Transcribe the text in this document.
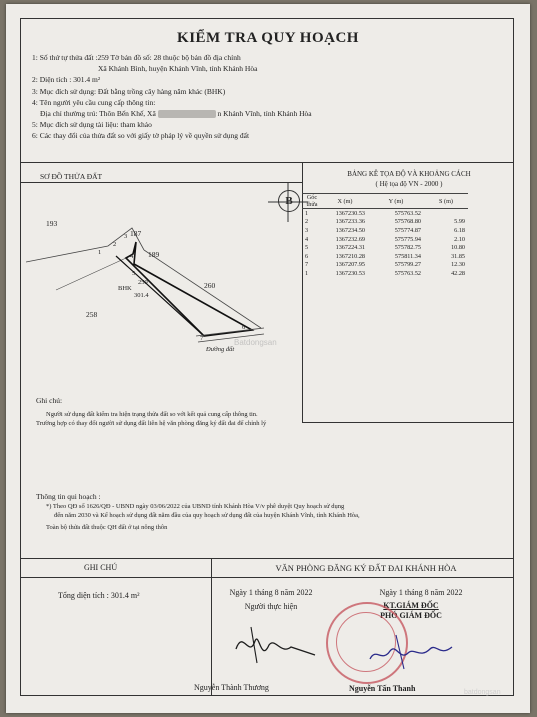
KIỂM TRA QUY HOẠCH
1: Số thứ tự thửa đất :259 Tờ bản đồ số: 28 thuộc bộ bản đồ địa chính
Xã Khánh Bình, huyện Khánh Vĩnh, tỉnh Khánh Hòa
2: Diện tích : 301.4 m²
3: Mục đích sử dụng: Đất bằng trồng cây hàng năm khác (BHK)
4: Tên người yêu cầu cung cấp thông tin:
Địa chỉ thường trú: Thôn Bến Khế, Xã	n Khánh Vĩnh, tỉnh Khánh Hòa
5: Mục đích sử dụng tài liệu: tham khảo
6: Các thay đổi của thửa đất so với giấy tờ pháp lý về quyền sử dụng đất
SƠ ĐỒ THỬA ĐẤT	BẢNG KÊ TỌA ĐỘ VÀ KHOẢNG CÁCH
( Hệ tọa độ VN - 2000 )
B	Góc thửa	X (m)	Y (m)	S (m)
1	1367230.53	575763.52	
2	1367233.36	575768.80	5.99
3	1367234.50	575774.87	6.18
4	1367232.69	575775.94	2.10
5	1367224.31	575782.75	10.80
6	1367210.28	575811.34	31.85
7	1367207.95	575799.27	12.30
1	1367230.53	575763.52	42.28
193
187
189
260
258
259
BHK
301.4
1
2
3
4
5
6
7
Đường đất
Batdongsan
Ghi chú:
Người sử dụng đất kiểm tra hiện trạng thửa đất so với kết quả cung cấp thông tin.
Trường hợp có thay đổi người sử dụng đất liên hệ văn phòng đăng ký đất đai để chỉnh lý
Thông tin qui hoạch :
*) Theo QĐ số 1626/QĐ - UBND ngày 03/06/2022 của UBND tỉnh Khánh Hòa V/v phê duyệt Quy hoạch sử dụng
đến năm 2030 và Kế hoạch sử dụng đất năm đầu của quy hoạch sử dụng đất của huyện Khánh Vĩnh, tỉnh Khánh Hòa,
Toàn bộ thửa đất thuộc QH đất ở tại nông thôn
GHI CHÚ	VĂN PHÒNG ĐĂNG KÝ ĐẤT ĐAI KHÁNH HÒA
Tổng diện tích : 301.4 m²	Ngày 1 tháng 8 năm 2022
Người thực hiện
Ngày 1 tháng 8 năm 2022
KT.GIÁM ĐỐC
PHÓ GIÁM ĐỐC
Nguyễn Thành Thương	Nguyễn Tấn Thanh	batdongsan
